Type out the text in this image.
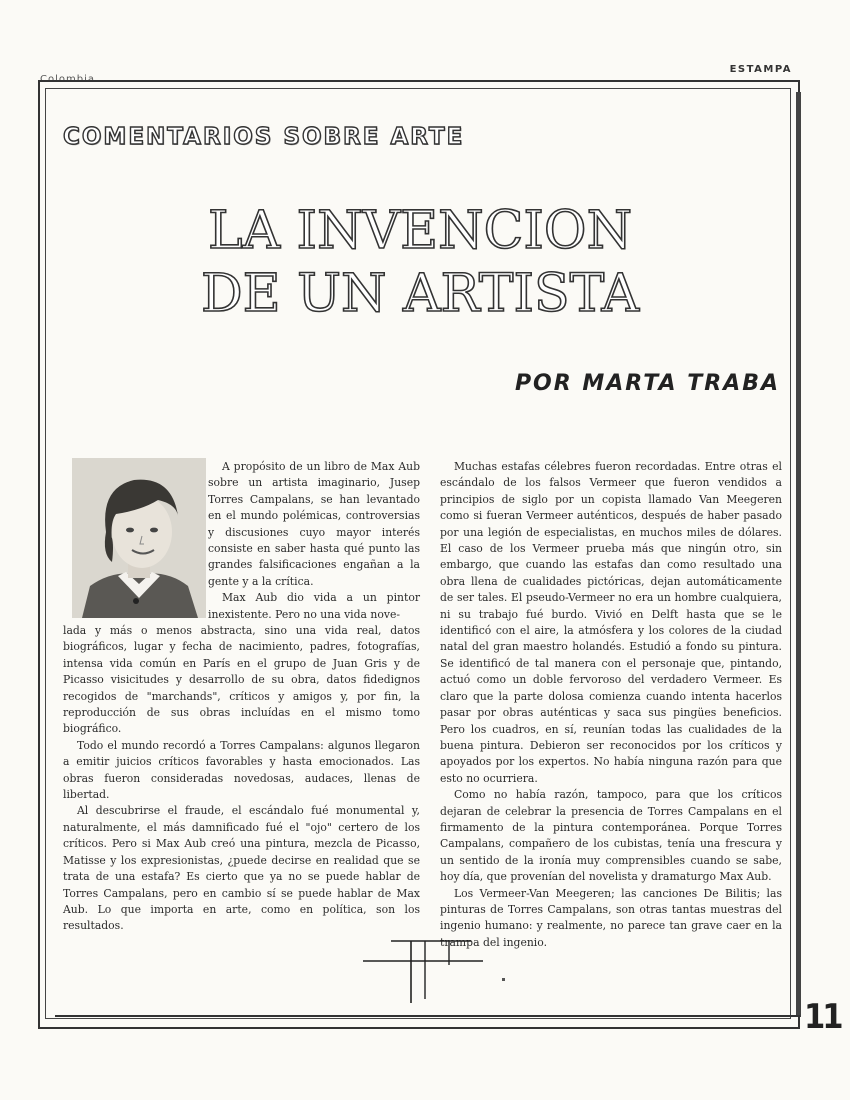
Colombia
ESTAMPA
COMENTARIOS SOBRE ARTE
LA INVENCION
DE UN ARTISTA
POR MARTA TRABA

A propósito de un libro de Max Aub sobre un artista imaginario, Jusep Torres Campalans, se han levantado en el mundo polémicas, controversias y discusiones cuyo mayor interés consiste en saber hasta qué punto las grandes falsificaciones engañan a la gente y a la crítica.

Max Aub dio vida a un pintor inexistente. Pero no una vida nove-

lada y más o menos abstracta, sino una vida real, datos biográficos, lugar y fecha de nacimiento, padres, fotografías, intensa vida común en París en el grupo de Juan Gris y de Picasso visicitudes y desarrollo de su obra, datos fidedignos recogidos de "marchands", críticos y amigos y, por fin, la reproducción de sus obras incluídas en el mismo tomo biográfico.

Todo el mundo recordó a Torres Campalans: algunos llegaron a emitir juicios críticos favorables y hasta emocionados. Las obras fueron consideradas novedosas, audaces, llenas de libertad.

Al descubrirse el fraude, el escándalo fué monumental y, naturalmente, el más damnificado fué el "ojo" certero de los críticos. Pero si Max Aub creó una pintura, mezcla de Picasso, Matisse y los expresionistas, ¿puede decirse en realidad que se trata de una estafa? Es cierto que ya no se puede hablar de Torres Campalans, pero en cambio sí se puede hablar de Max Aub. Lo que importa en arte, como en política, son los resultados.

Muchas estafas célebres fueron recordadas. Entre otras el escándalo de los falsos Vermeer que fueron vendidos a principios de siglo por un copista llamado Van Meegeren como si fueran Vermeer auténticos, después de haber pasado por una legión de especialistas, en muchos miles de dólares. El caso de los Vermeer prueba más que ningún otro, sin embargo, que cuando las estafas dan como resultado una obra llena de cualidades pictóricas, dejan automáticamente de ser tales. El pseudo-Vermeer no era un hombre cualquiera, ni su trabajo fué burdo. Vivió en Delft hasta que se le identificó con el aire, la atmósfera y los colores de la ciudad natal del gran maestro holandés. Estudió a fondo su pintura. Se identificó de tal manera con el personaje que, pintando, actuó como un doble fervoroso del verdadero Vermeer. Es claro que la parte dolosa comienza cuando intenta hacerlos pasar por obras auténticas y saca sus pingües beneficios. Pero los cuadros, en sí, reunían todas las cualidades de la buena pintura. Debieron ser reconocidos por los críticos y apoyados por los expertos. No había ninguna razón para que esto no ocurriera.

Como no había razón, tampoco, para que los críticos dejaran de celebrar la presencia de Torres Campalans en el firmamento de la pintura contemporánea. Porque Torres Campalans, compañero de los cubistas, tenía una frescura y un sentido de la ironía muy comprensibles cuando se sabe, hoy día, que provenían del novelista y dramaturgo Max Aub.

Los Vermeer-Van Meegeren; las canciones De Bilitis; las pinturas de Torres Campalans, son otras tantas muestras del ingenio humano: y realmente, no parece tan grave caer en la trampa del ingenio.

11
